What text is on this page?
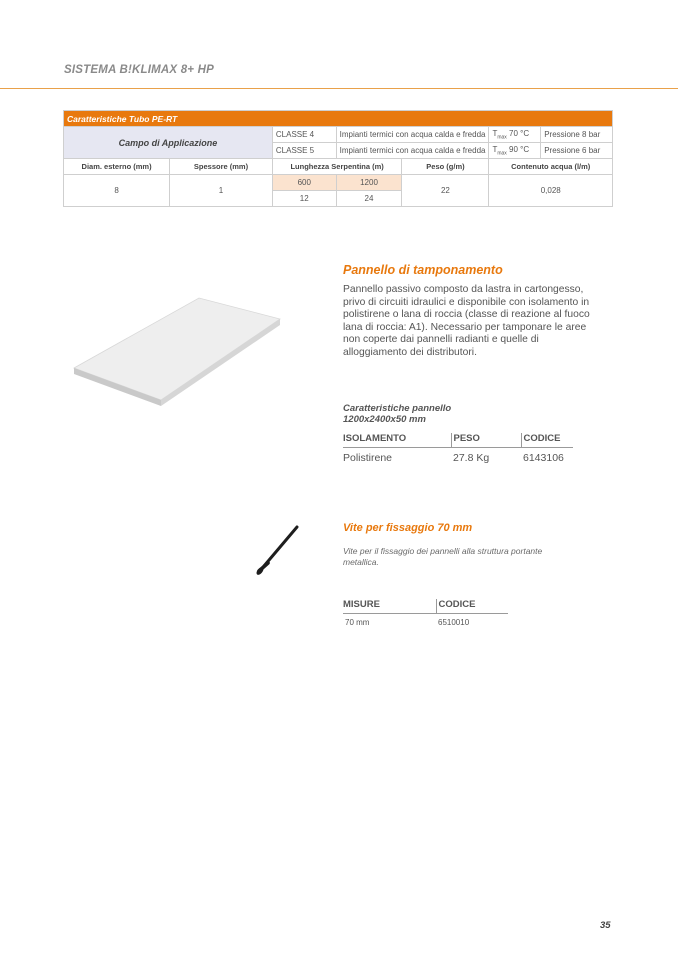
SISTEMA B!KLIMAX 8+ HP
Caratteristiche Tubo PE-RT						
Campo di Applicazione		CLASSE 4	Impianti termici con acqua calda e fredda		$T_{max}$ 70 °C	Pressione 8 bar
		CLASSE 5	Impianti termici con acqua calda e fredda		$T_{max}$ 90 °C	Pressione 6 bar
Diam. esterno (mm)	Spessore (mm)	Lunghezza Serpentina (m)		Peso (g/m)	Contenuto acqua (l/m)	
8	1	600	1200	22	0,028	
		12	24			
Pannello di tamponamento
Pannello passivo composto da lastra in cartongesso, privo di circuiti idraulici e disponibile con isolamento in polistirene o lana di roccia (classe di reazione al fuoco lana di roccia: A1). Necessario per tamponare le aree non coperte dai pannelli radianti e quelle di alloggiamento dei distributori.
Caratteristiche pannello
1200x2400x50 mm
ISOLAMENTO	PESO	CODICE
Polistirene	27.8 Kg	6143106
Vite per fissaggio 70 mm
Vite per il fissaggio dei pannelli alla struttura portante metallica.
MISURE	CODICE
70 mm	6510010
35
